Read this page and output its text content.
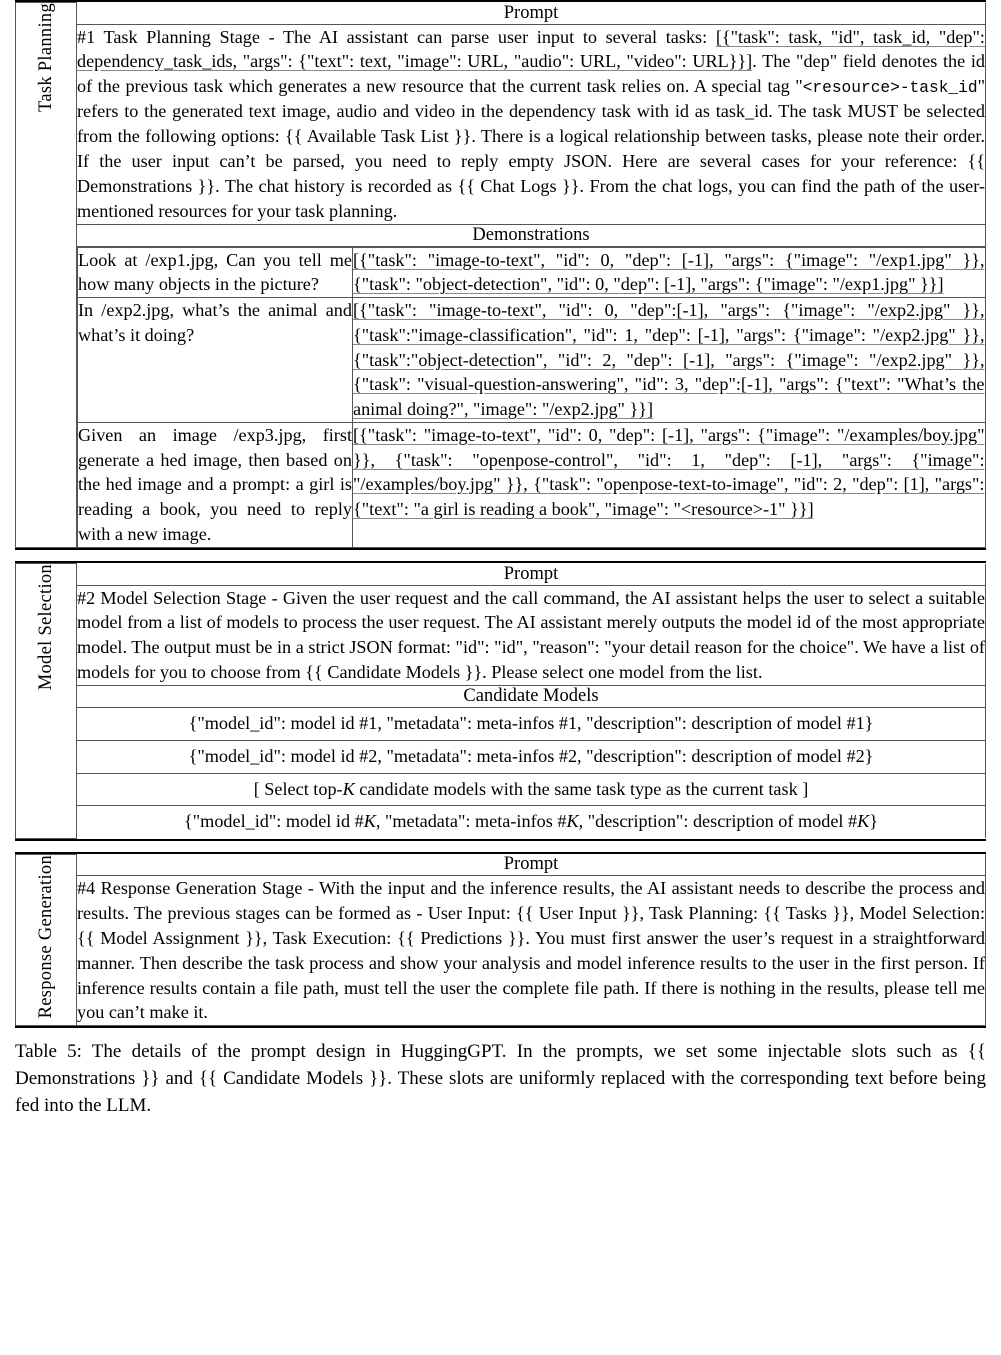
Task Planning	Prompt
#1 Task Planning Stage - The AI assistant can parse user input to several tasks: [{"task": task, "id", task_id, "dep": dependency_task_ids, "args": {"text": text, "image": URL, "audio": URL, "video": URL}}]. The "dep" field denotes the id of the previous task which generates a new resource that the current task relies on. A special tag "<resource>-task_id" refers to the generated text image, audio and video in the dependency task with id as task_id. The task MUST be selected from the following options: {{ Available Task List }}. There is a logical relationship between tasks, please note their order. If the user input can’t be parsed, you need to reply empty JSON. Here are several cases for your reference: {{ Demonstrations }}. The chat history is recorded as {{ Chat Logs }}. From the chat logs, you can find the path of the user-mentioned resources for your task planning.
Demonstrations

Look at /exp1.jpg, Can you tell me how many objects in the picture?	[{"task": "image-to-text", "id": 0, "dep": [-1], "args": {"image": "/exp1.jpg" }}, {"task": "object-detection", "id": 0, "dep": [-1], "args": {"image": "/exp1.jpg" }}]
In /exp2.jpg, what’s the animal and what’s it doing?	[{"task": "image-to-text", "id": 0, "dep":[-1], "args": {"image": "/exp2.jpg" }}, {"task":"image-classification", "id": 1, "dep": [-1], "args": {"image": "/exp2.jpg" }}, {"task":"object-detection", "id": 2, "dep": [-1], "args": {"image": "/exp2.jpg" }}, {"task": "visual-question-answering", "id": 3, "dep":[-1], "args": {"text": "What’s the animal doing?", "image": "/exp2.jpg" }}]
Given an image /exp3.jpg, first generate a hed image, then based on the hed image and a prompt: a girl is reading a book, you need to reply with a new image.	[{"task": "image-to-text", "id": 0, "dep": [-1], "args": {"image": "/examples/boy.jpg" }}, {"task": "openpose-control", "id": 1, "dep": [-1], "args": {"image": "/examples/boy.jpg" }}, {"task": "openpose-text-to-image", "id": 2, "dep": [1], "args": {"text": "a girl is reading a book", "image": "<resource>-1" }}]
Model Selection	Prompt
#2 Model Selection Stage - Given the user request and the call command, the AI assistant helps the user to select a suitable model from a list of models to process the user request. The AI assistant merely outputs the model id of the most appropriate model. The output must be in a strict JSON format: "id": "id", "reason": "your detail reason for the choice". We have a list of models for you to choose from {{ Candidate Models }}. Please select one model from the list.
Candidate Models

{"model_id": model id #1, "metadata": meta-infos #1, "description": description of model #1}

{"model_id": model id #2, "metadata": meta-infos #2, "description": description of model #2}

[ Select top-K candidate models with the same task type as the current task ]

{"model_id": model id #K, "metadata": meta-infos #K, "description": description of model #K}
Response Generation	Prompt
#4 Response Generation Stage - With the input and the inference results, the AI assistant needs to describe the process and results. The previous stages can be formed as - User Input: {{ User Input }}, Task Planning: {{ Tasks }}, Model Selection: {{ Model Assignment }}, Task Execution: {{ Predictions }}. You must first answer the user’s request in a straightforward manner. Then describe the task process and show your analysis and model inference results to the user in the first person. If inference results contain a file path, must tell the user the complete file path. If there is nothing in the results, please tell me you can’t make it.
Table 5: The details of the prompt design in HuggingGPT. In the prompts, we set some injectable slots such as {{ Demonstrations }} and {{ Candidate Models }}. These slots are uniformly replaced with the corresponding text before being fed into the LLM.
